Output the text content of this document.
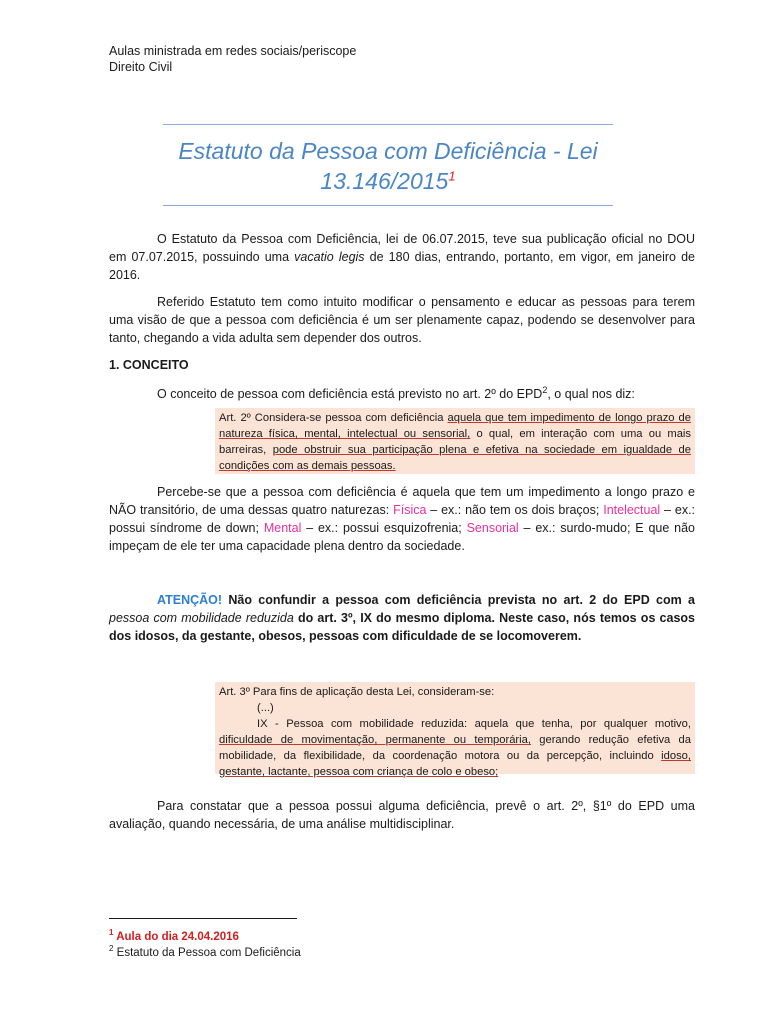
Aulas ministrada em redes sociais/periscope
Direito Civil
Estatuto da Pessoa com Deficiência - Lei
13.146/2015$^1$

O Estatuto da Pessoa com Deficiência, lei de 06.07.2015, teve sua publicação oficial no DOU em 07.07.2015, possuindo uma vacatio legis de 180 dias, entrando, portanto, em vigor, em janeiro de 2016.

Referido Estatuto tem como intuito modificar o pensamento e educar as pessoas para terem uma visão de que a pessoa com deficiência é um ser plenamente capaz, podendo se desenvolver para tanto, chegando a vida adulta sem depender dos outros.

1. CONCEITO

O conceito de pessoa com deficiência está previsto no art. 2º do EPD$^2$, o qual nos diz:

Art. 2º Considera-se pessoa com deficiência aquela que tem impedimento de longo prazo de natureza física, mental, intelectual ou sensorial, o qual, em interação com uma ou mais barreiras, pode obstruir sua participação plena e efetiva na sociedade em igualdade de condições com as demais pessoas.

Percebe-se que a pessoa com deficiência é aquela que tem um impedimento a longo prazo e NÃO transitório, de uma dessas quatro naturezas: Física – ex.: não tem os dois braços; Intelectual – ex.: possui síndrome de down; Mental – ex.: possui esquizofrenia; Sensorial – ex.: surdo-mudo; E que não impeçam de ele ter uma capacidade plena dentro da sociedade.

ATENÇÃO! Não confundir a pessoa com deficiência prevista no art. 2 do EPD com a pessoa com mobilidade reduzida do art. 3º, IX do mesmo diploma. Neste caso, nós temos os casos dos idosos, da gestante, obesos, pessoas com dificuldade de se locomoverem.

Art. 3º Para fins de aplicação desta Lei, consideram-se:
(...)
IX - Pessoa com mobilidade reduzida: aquela que tenha, por qualquer motivo, dificuldade de movimentação, permanente ou temporária, gerando redução efetiva da mobilidade, da flexibilidade, da coordenação motora ou da percepção, incluindo idoso, gestante, lactante, pessoa com criança de colo e obeso;

Para constatar que a pessoa possui alguma deficiência, prevê o art. 2º, §1º do EPD uma avaliação, quando necessária, de uma análise multidisciplinar.

$^1$ Aula do dia 24.04.2016
$^2$ Estatuto da Pessoa com Deficiência
